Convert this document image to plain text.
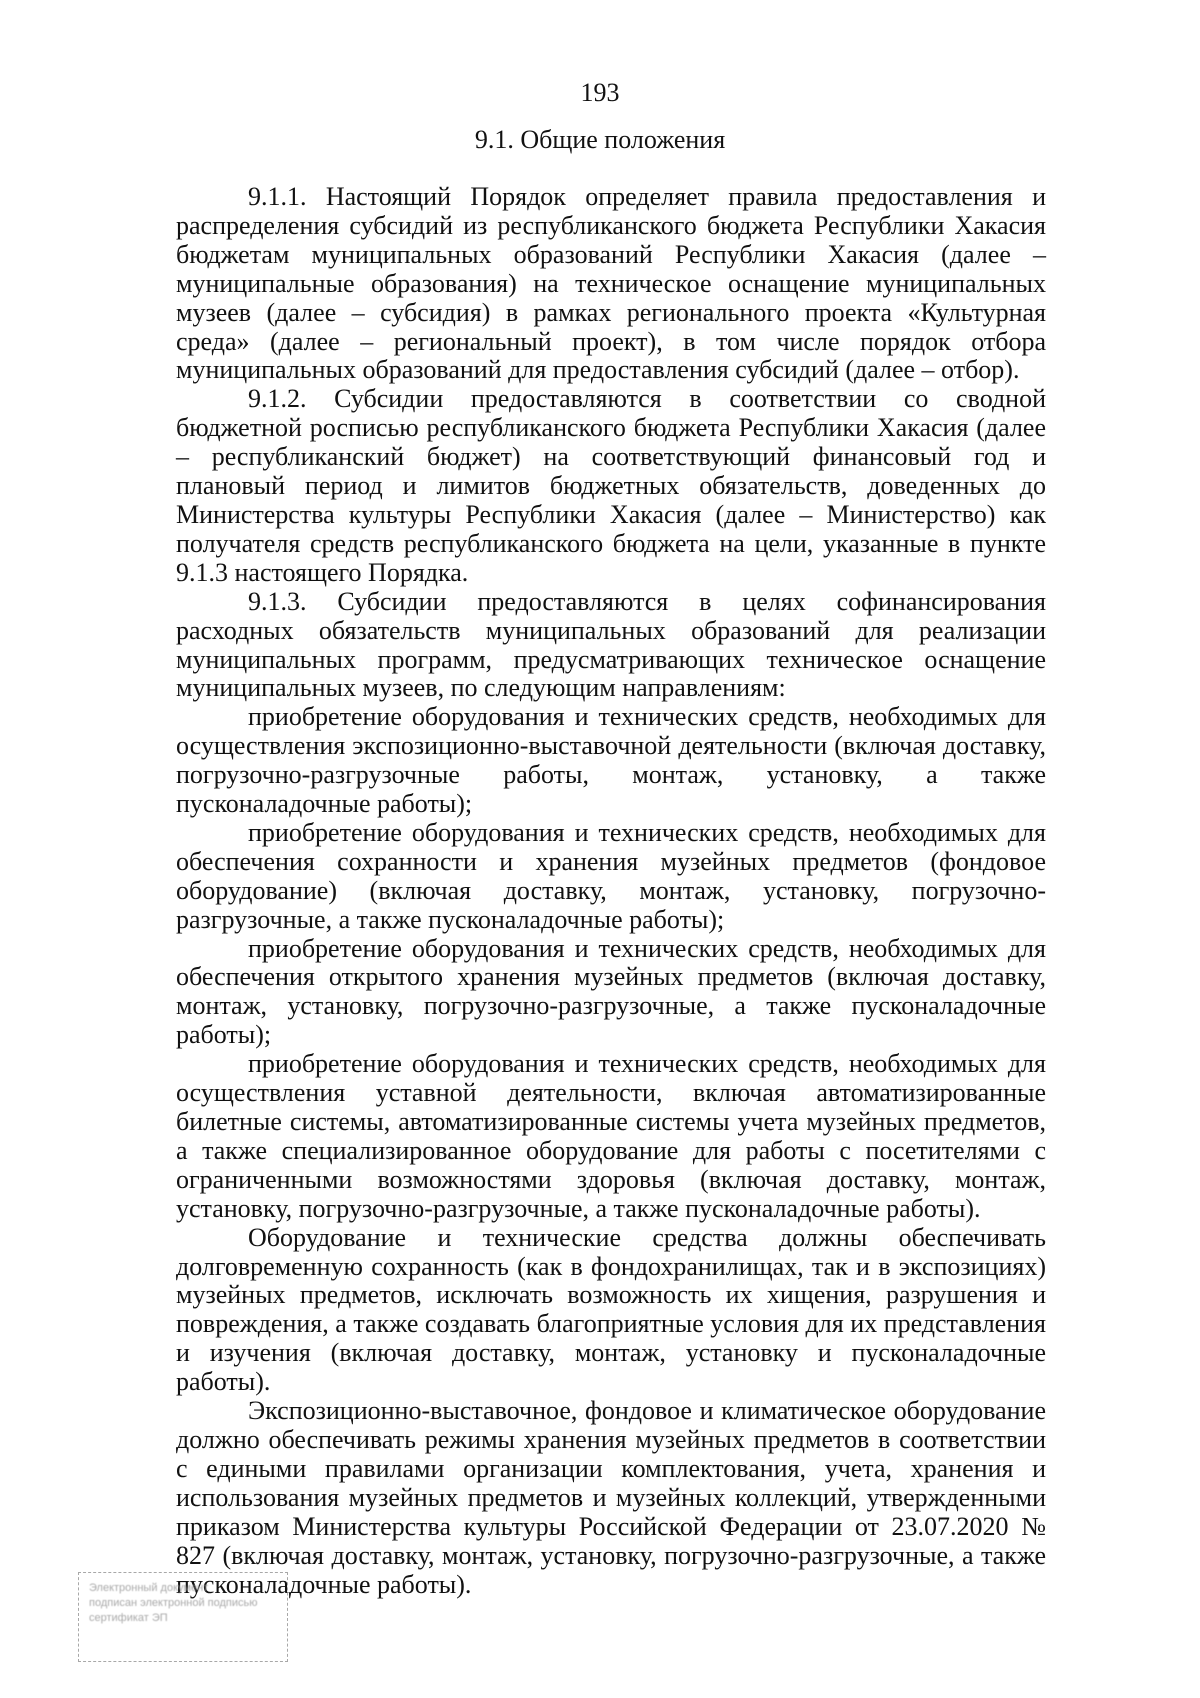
193
9.1. Общие положения

9.1.1. Настоящий Порядок определяет правила предоставления и распределения субсидий из республиканского бюджета Республики Хакасия бюджетам муниципальных образований Республики Хакасия (далее – муниципальные образования) на техническое оснащение муниципальных музеев (далее – субсидия) в рамках регионального проекта «Культурная среда» (далее – региональный проект), в том числе порядок отбора муниципальных образований для предоставления субсидий (далее – отбор).

9.1.2. Субсидии предоставляются в соответствии со сводной бюджетной росписью республиканского бюджета Республики Хакасия (далее – республиканский бюджет) на соответствующий финансовый год и плановый период и лимитов бюджетных обязательств, доведенных до Министерства культуры Республики Хакасия (далее – Министерство) как получателя средств республиканского бюджета на цели, указанные в пункте 9.1.3 настоящего Порядка.

9.1.3. Субсидии предоставляются в целях софинансирования расходных обязательств муниципальных образований для реализации муниципальных программ, предусматривающих техническое оснащение муниципальных музеев, по следующим направлениям:

приобретение оборудования и технических средств, необходимых для осуществления экспозиционно-выставочной деятельности (включая доставку, погрузочно-разгрузочные работы, монтаж, установку, а также пусконаладочные работы);

приобретение оборудования и технических средств, необходимых для обеспечения сохранности и хранения музейных предметов (фондовое оборудование) (включая доставку, монтаж, установку, погрузочно-разгрузочные, а также пусконаладочные работы);

приобретение оборудования и технических средств, необходимых для обеспечения открытого хранения музейных предметов (включая доставку, монтаж, установку, погрузочно-разгрузочные, а также пусконаладочные работы);

приобретение оборудования и технических средств, необходимых для осуществления уставной деятельности, включая автоматизированные билетные системы, автоматизированные системы учета музейных предметов, а также специализированное оборудование для работы с посетителями с ограниченными возможностями здоровья (включая доставку, монтаж, установку, погрузочно-разгрузочные, а также пусконаладочные работы).

Оборудование и технические средства должны обеспечивать долговременную сохранность (как в фондохранилищах, так и в экспозициях) музейных предметов, исключать возможность их хищения, разрушения и повреждения, а также создавать благоприятные условия для их представления и изучения (включая доставку, монтаж, установку и пусконаладочные работы).

Экспозиционно-выставочное, фондовое и климатическое оборудование должно обеспечивать режимы хранения музейных предметов в соответствии с едиными правилами организации комплектования, учета, хранения и использования музейных предметов и музейных коллекций, утвержденными приказом Министерства культуры Российской Федерации от 23.07.2020 № 827 (включая доставку, монтаж, установку, погрузочно-разгрузочные, а также пусконаладочные работы).

Электронный документ
подписан электронной подписью
сертификат ЭП
